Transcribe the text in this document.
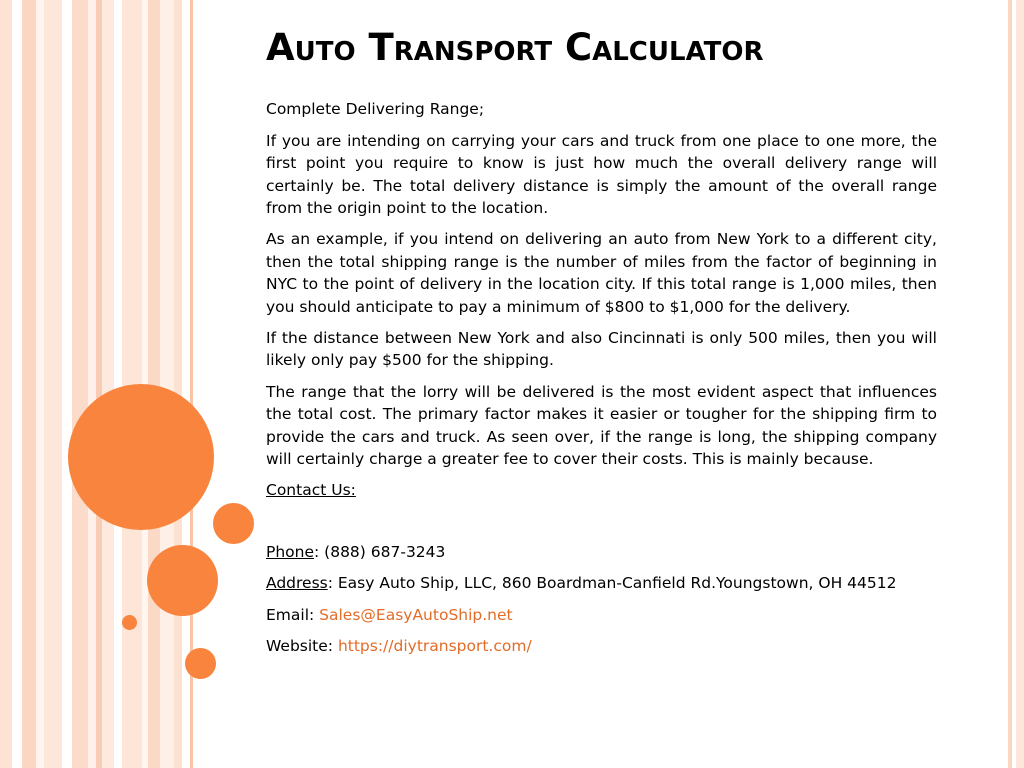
Auto Transport Calculator

Complete Delivering Range;

If you are intending on carrying your cars and truck from one place to one more, the first point you require to know is just how much the overall delivery range will certainly be. The total delivery distance is simply the amount of the overall range from the origin point to the location.

As an example, if you intend on delivering an auto from New York to a different city, then the total shipping range is the number of miles from the factor of beginning in NYC to the point of delivery in the location city. If this total range is 1,000 miles, then you should anticipate to pay a minimum of $800 to $1,000 for the delivery.

If the distance between New York and also Cincinnati is only 500 miles, then you will likely only pay $500 for the shipping.

The range that the lorry will be delivered is the most evident aspect that influences the total cost. The primary factor makes it easier or tougher for the shipping firm to provide the cars and truck. As seen over, if the range is long, the shipping company will certainly charge a greater fee to cover their costs. This is mainly because.

Contact Us:

Phone: (888) 687-3243

Address: Easy Auto Ship, LLC, 860 Boardman-Canfield Rd.Youngstown, OH 44512

Email: Sales@EasyAutoShip.net

Website: https://diytransport.com/
